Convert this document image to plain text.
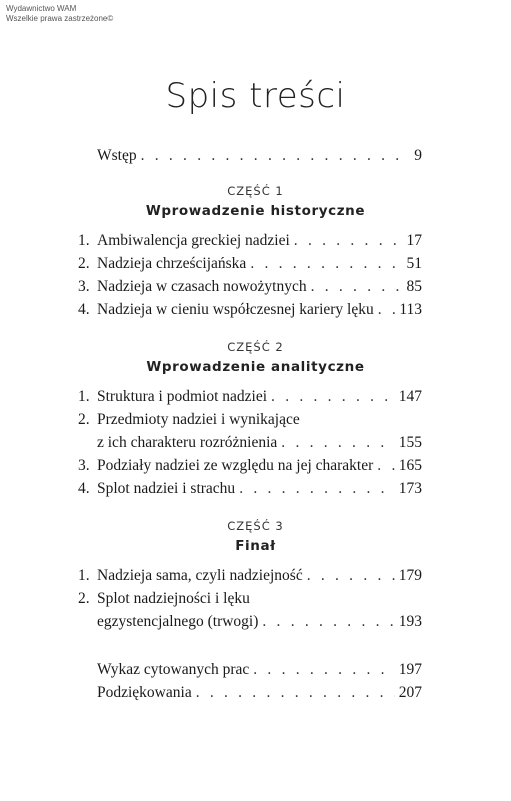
Wydawnictwo WAM
Wszelkie prawa zastrzeżone©
Spis treści
Wstęp . . .	9
CZĘŚĆ 1
Wprowadzenie historyczne
1. Ambiwalencja greckiej nadziei . . .	17
2. Nadzieja chrześcijańska . . .	51
3. Nadzieja w czasach nowożytnych . . .	85
4. Nadzieja w cieniu współczesnej kariery lęku . . . 113
CZĘŚĆ 2
Wprowadzenie analityczne
1. Struktura i podmiot nadziei . . .	147
2. Przedmioty nadziei i wynikające
z ich charakteru rozróżnienia . . .	155
3. Podziały nadziei ze względu na jej charakter . . . 165
4. Splot nadziei i strachu . . .	173
CZĘŚĆ 3
Finał
1. Nadzieja sama, czyli nadziejność . . .	179
2. Splot nadziejności i lęku
egzystencjalnego (trwogi) . . .	193
Wykaz cytowanych prac . . .	197
Podziękowania . . .	207
